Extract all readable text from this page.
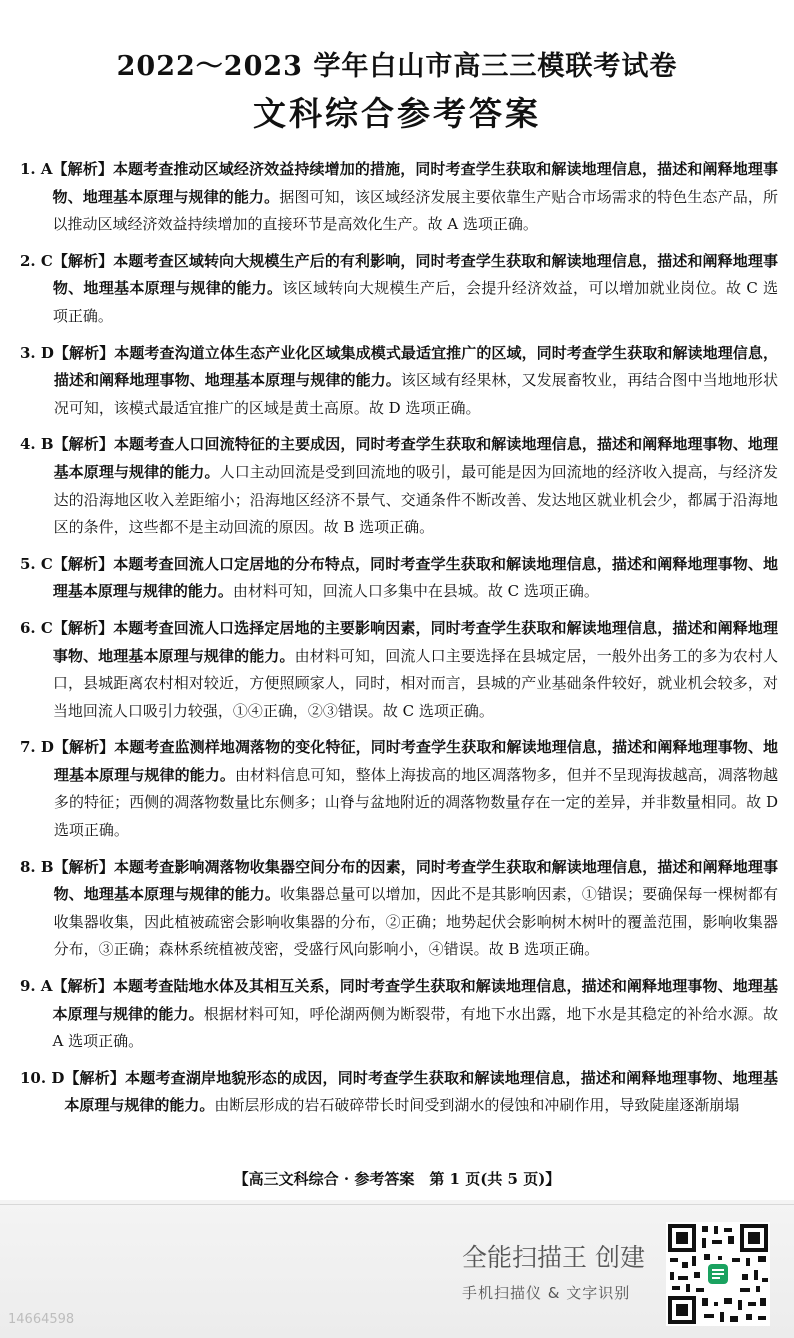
2022～2023 学年白山市高三三模联考试卷
文科综合参考答案
1. A 【解析】本题考查推动区域经济效益持续增加的措施，同时考查学生获取和解读地理信息，描述和阐释地理事物、地理基本原理与规律的能力。据图可知，该区域经济发展主要依靠生产贴合市场需求的特色生态产品，所以推动区域经济效益持续增加的直接环节是高效化生产。故 A 选项正确。
2. C 【解析】本题考查区域转向大规模生产后的有利影响，同时考查学生获取和解读地理信息，描述和阐释地理事物、地理基本原理与规律的能力。该区域转向大规模生产后，会提升经济效益，可以增加就业岗位。故 C 选项正确。
3. D 【解析】本题考查沟道立体生态产业化区域集成模式最适宜推广的区域，同时考查学生获取和解读地理信息，描述和阐释地理事物、地理基本原理与规律的能力。该区域有经果林，又发展畜牧业，再结合图中当地地形状况可知，该模式最适宜推广的区域是黄土高原。故 D 选项正确。
4. B 【解析】本题考查人口回流特征的主要成因，同时考查学生获取和解读地理信息，描述和阐释地理事物、地理基本原理与规律的能力。人口主动回流是受到回流地的吸引，最可能是因为回流地的经济收入提高，与经济发达的沿海地区收入差距缩小；沿海地区经济不景气、交通条件不断改善、发达地区就业机会少，都属于沿海地区的条件，这些都不是主动回流的原因。故 B 选项正确。
5. C 【解析】本题考查回流人口定居地的分布特点，同时考查学生获取和解读地理信息，描述和阐释地理事物、地理基本原理与规律的能力。由材料可知，回流人口多集中在县城。故 C 选项正确。
6. C 【解析】本题考查回流人口选择定居地的主要影响因素，同时考查学生获取和解读地理信息，描述和阐释地理事物、地理基本原理与规律的能力。由材料可知，回流人口主要选择在县城定居，一般外出务工的多为农村人口，县城距离农村相对较近，方便照顾家人，同时，相对而言，县城的产业基础条件较好，就业机会较多，对当地回流人口吸引力较强，①④正确，②③错误。故 C 选项正确。
7. D 【解析】本题考查监测样地凋落物的变化特征，同时考查学生获取和解读地理信息，描述和阐释地理事物、地理基本原理与规律的能力。由材料信息可知，整体上海拔高的地区凋落物多，但并不呈现海拔越高，凋落物越多的特征；西侧的凋落物数量比东侧多；山脊与盆地附近的凋落物数量存在一定的差异，并非数量相同。故 D 选项正确。
8. B 【解析】本题考查影响凋落物收集器空间分布的因素，同时考查学生获取和解读地理信息，描述和阐释地理事物、地理基本原理与规律的能力。收集器总量可以增加，因此不是其影响因素，①错误；要确保每一棵树都有收集器收集，因此植被疏密会影响收集器的分布，②正确；地势起伏会影响树木树叶的覆盖范围，影响收集器分布，③正确；森林系统植被茂密，受盛行风向影响小，④错误。故 B 选项正确。
9. A 【解析】本题考查陆地水体及其相互关系，同时考查学生获取和解读地理信息，描述和阐释地理事物、地理基本原理与规律的能力。根据材料可知，呼伦湖两侧为断裂带，有地下水出露，地下水是其稳定的补给水源。故 A 选项正确。
10. D 【解析】本题考查湖岸地貌形态的成因，同时考查学生获取和解读地理信息，描述和阐释地理事物、地理基本原理与规律的能力。由断层形成的岩石破碎带长时间受到湖水的侵蚀和冲刷作用，导致陡崖逐渐崩塌
【高三文科综合 · 参考答案　第 1 页(共 5 页)】
全能扫描王 创建
手机扫描仪 & 文字识别
14664598
